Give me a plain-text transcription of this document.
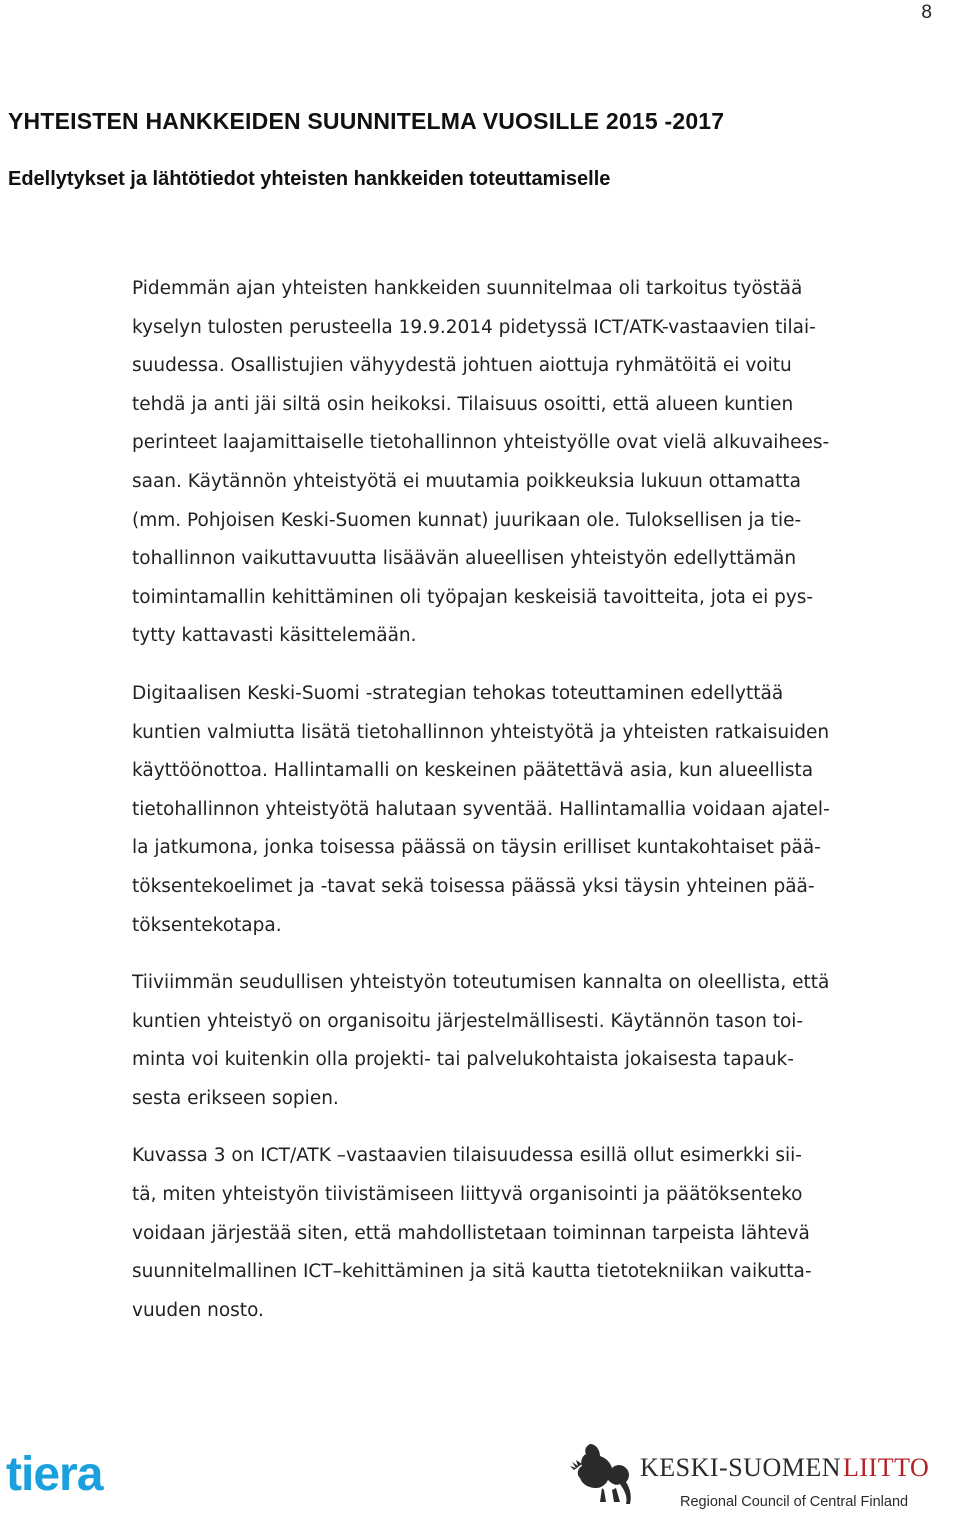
8
YHTEISTEN HANKKEIDEN SUUNNITELMA VUOSILLE 2015 -2017
Edellytykset ja lähtötiedot yhteisten hankkeiden toteuttamiselle

Pidemmän ajan yhteisten hankkeiden suunnitelmaa oli tarkoitus työstää
kyselyn tulosten perusteella 19.9.2014 pidetyssä ICT/ATK-vastaavien tilai-
suudessa. Osallistujien vähyydestä johtuen aiottuja ryhmätöitä ei voitu
tehdä ja anti jäi siltä osin heikoksi. Tilaisuus osoitti, että alueen kuntien
perinteet laajamittaiselle tietohallinnon yhteistyölle ovat vielä alkuvaihees-
saan. Käytännön yhteistyötä ei muutamia poikkeuksia lukuun ottamatta
(mm. Pohjoisen Keski-Suomen kunnat) juurikaan ole. Tuloksellisen ja tie-
tohallinnon vaikuttavuutta lisäävän alueellisen yhteistyön edellyttämän
toimintamallin kehittäminen oli työpajan keskeisiä tavoitteita, jota ei pys-
tytty kattavasti käsittelemään.

Digitaalisen Keski-Suomi -strategian tehokas toteuttaminen edellyttää
kuntien valmiutta lisätä tietohallinnon yhteistyötä ja yhteisten ratkaisuiden
käyttöönottoa. Hallintamalli on keskeinen päätettävä asia, kun alueellista
tietohallinnon yhteistyötä halutaan syventää. Hallintamallia voidaan ajatel-
la jatkumona, jonka toisessa päässä on täysin erilliset kuntakohtaiset pää-
töksentekoelimet ja -tavat sekä toisessa päässä yksi täysin yhteinen pää-
töksentekotapa.

Tiiviimmän seudullisen yhteistyön toteutumisen kannalta on oleellista, että
kuntien yhteistyö on organisoitu järjestelmällisesti. Käytännön tason toi-
minta voi kuitenkin olla projekti- tai palvelukohtaista jokaisesta tapauk-
sesta erikseen sopien.

Kuvassa 3 on ICT/ATK –vastaavien tilaisuudessa esillä ollut esimerkki sii-
tä, miten yhteistyön tiivistämiseen liittyvä organisointi ja päätöksenteko
voidaan järjestää siten, että mahdollistetaan toiminnan tarpeista lähtevä
suunnitelmallinen ICT–kehittäminen ja sitä kautta tietotekniikan vaikutta-
vuuden nosto.

tiera	KESKI-SUOMEN LIITTO
Regional Council of Central Finland
